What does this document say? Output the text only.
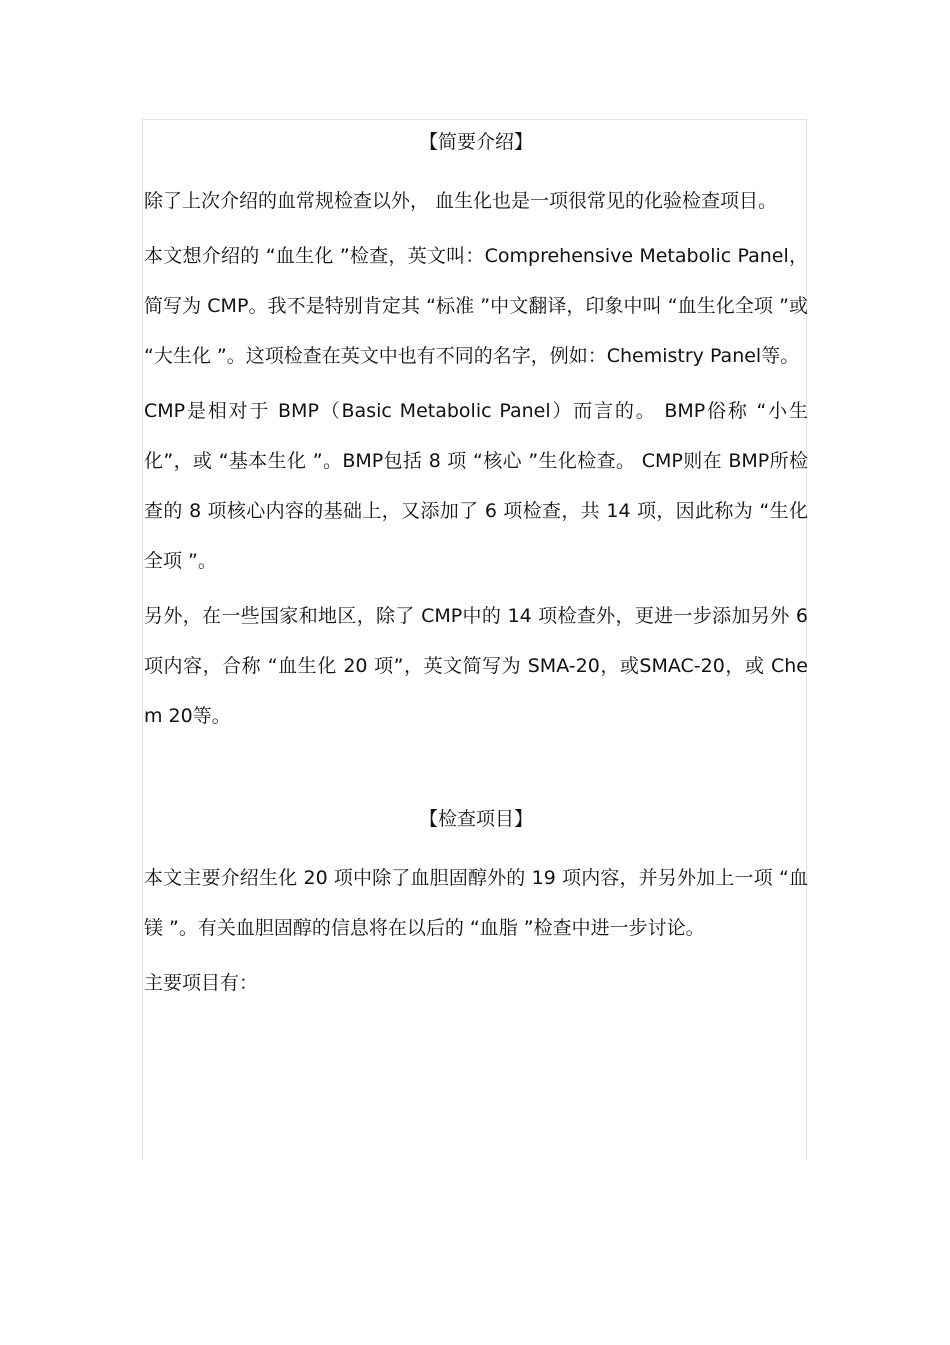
【简要介绍】

除了上次介绍的血常规检查以外， 血生化也是一项很常见的化验检查项目。

本文想介绍的 “血生化 ”检查，英文叫：Comprehensive Metabolic Panel，简写为 CMP。我不是特别肯定其 “标准 ”中文翻译，印象中叫 “血生化全项 ”或 “大生化 ”。这项检查在英文中也有不同的名字，例如：Chemistry Panel等。

CMP是相对于 BMP（Basic Metabolic Panel）而言的。 BMP俗称 “小生化”，或 “基本生化 ”。BMP包括 8 项 “核心 ”生化检查。 CMP则在 BMP所检查的 8 项核心内容的基础上，又添加了 6 项检查，共 14 项，因此称为 “生化全项 ”。

另外，在一些国家和地区，除了 CMP中的 14 项检查外，更进一步添加另外 6 项内容，合称 “血生化 20 项”，英文简写为 SMA-20，或SMAC-20，或 Chem 20等。

【检查项目】

本文主要介绍生化 20 项中除了血胆固醇外的 19 项内容，并另外加上一项 “血镁 ”。有关血胆固醇的信息将在以后的 “血脂 ”检查中进一步讨论。

主要项目有：
